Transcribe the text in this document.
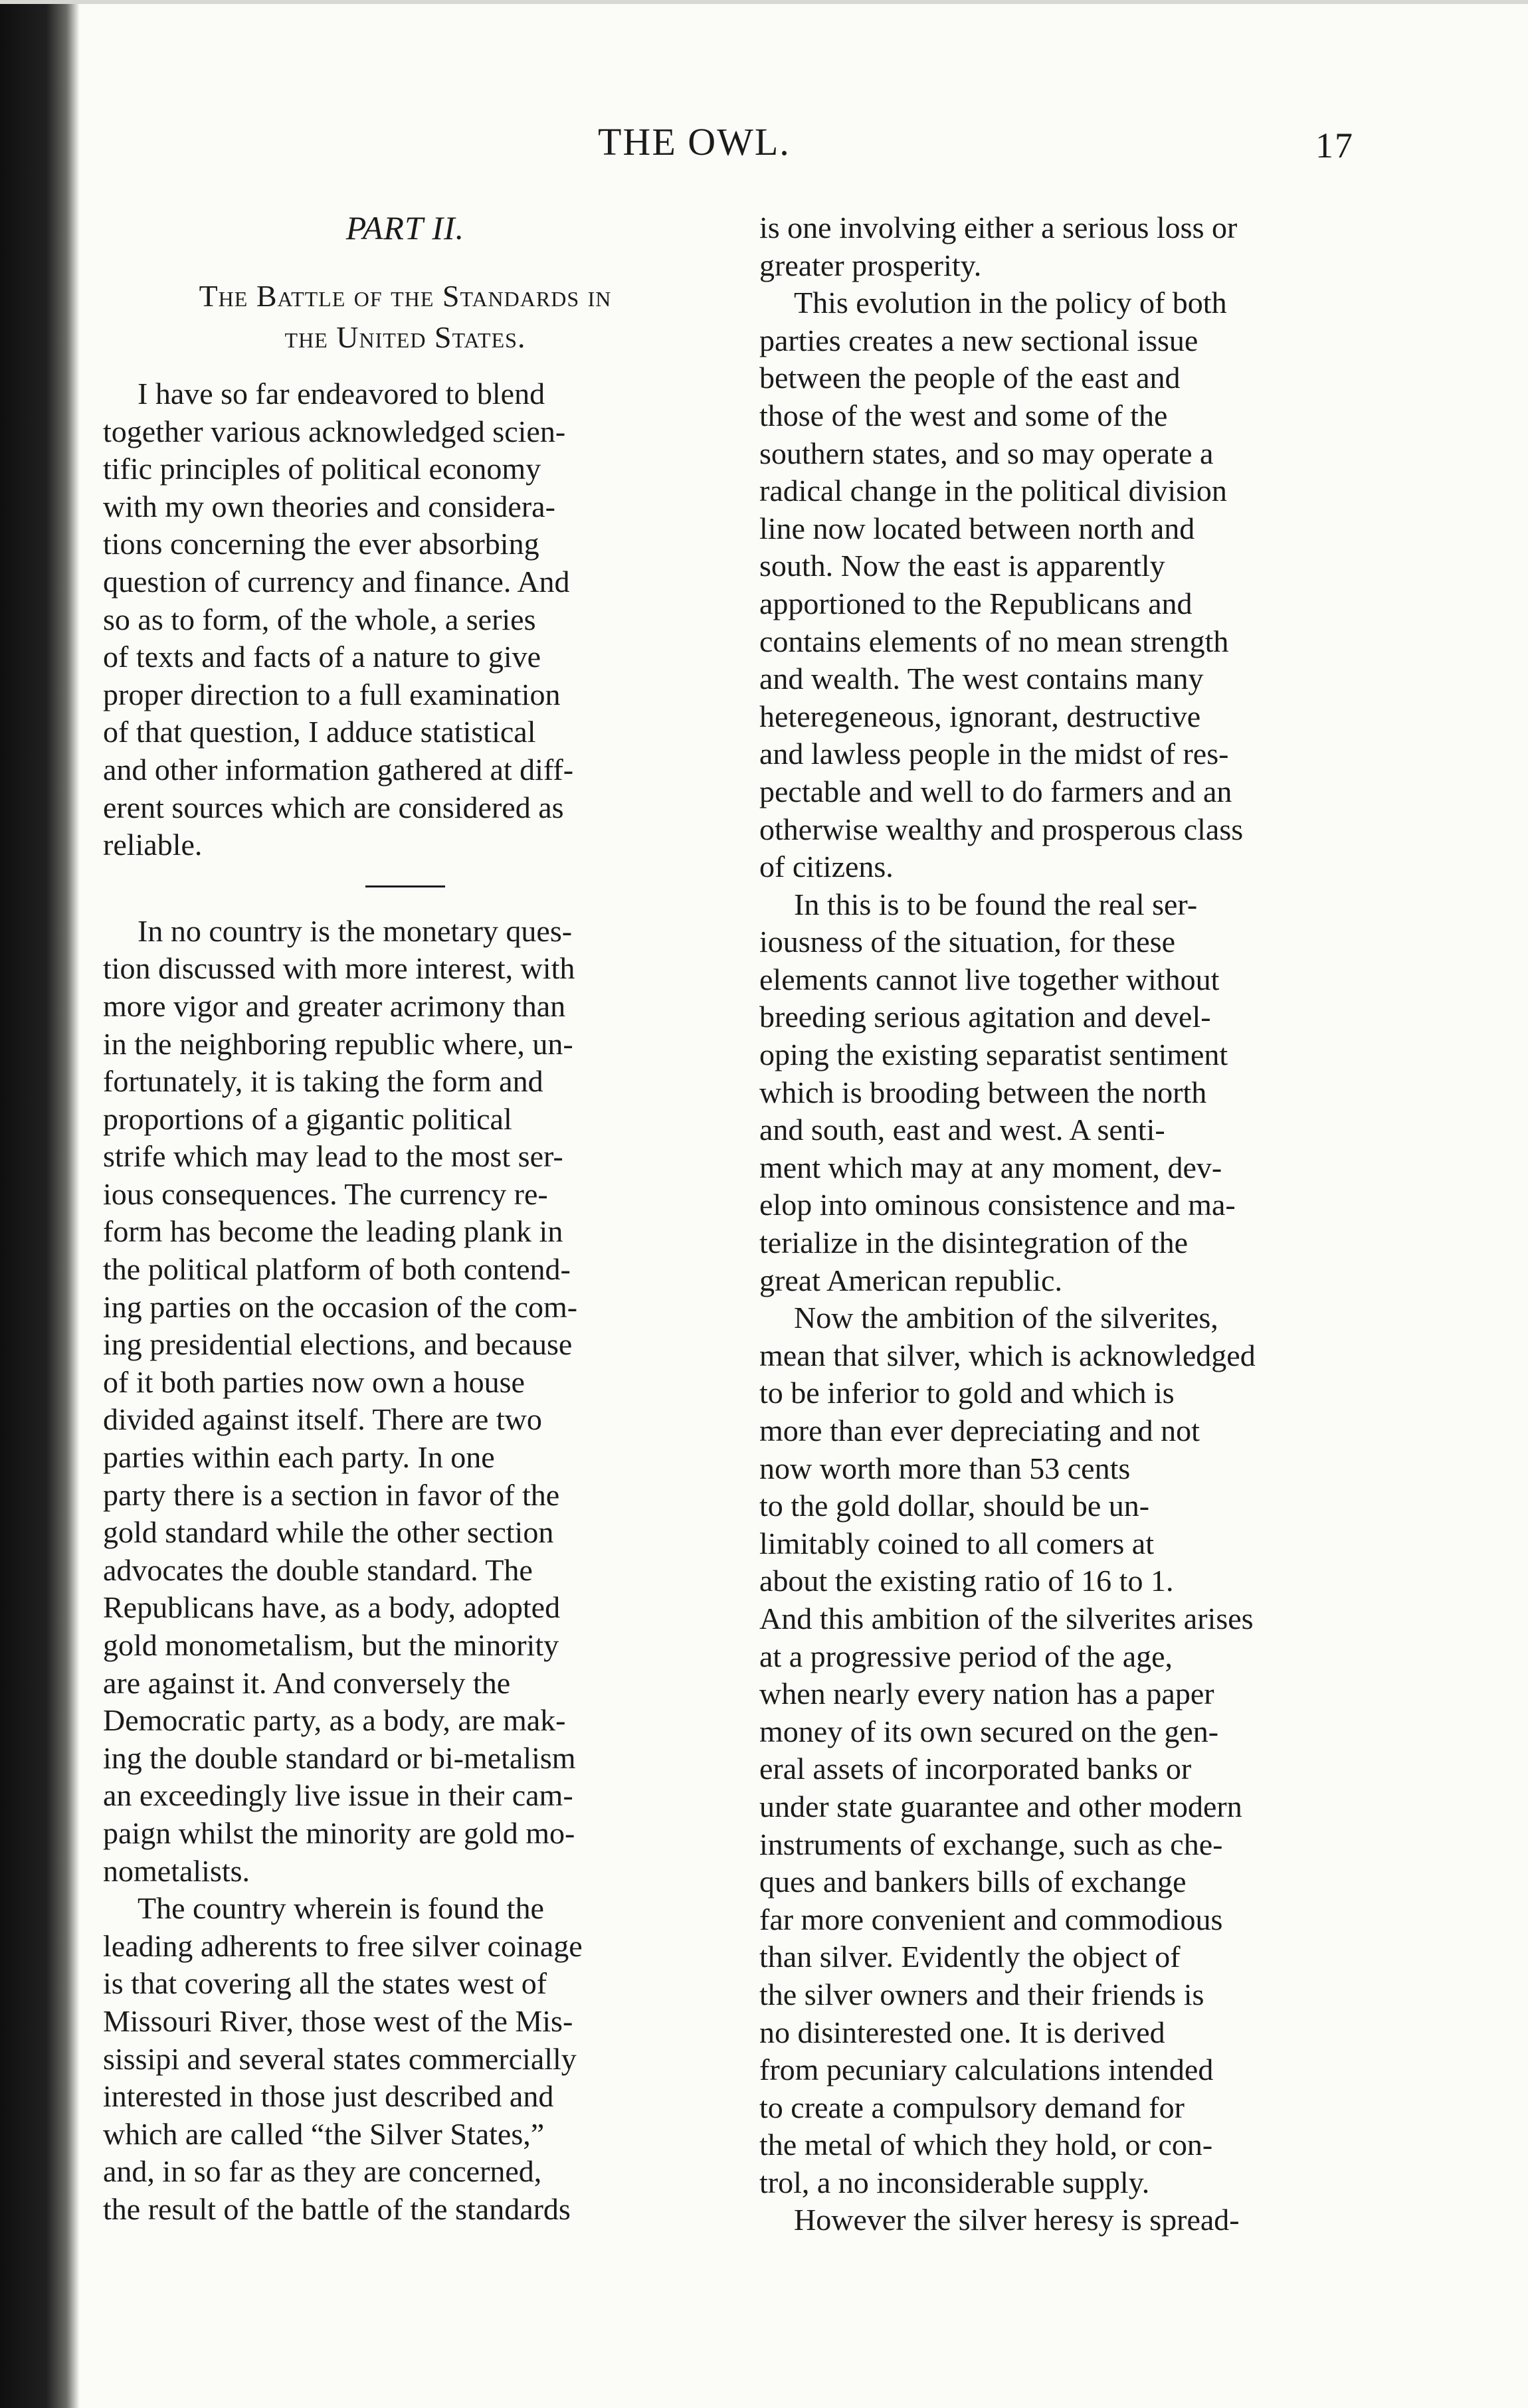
THE OWL.	17

PART II.

The Battle of the Standards in
the United States.
I have so far endeavored to blend
together various acknowledged scien-
tific principles of political economy
with my own theories and considera-
tions concerning the ever absorbing
question of currency and finance. And
so as to form, of the whole, a series
of texts and facts of a nature to give
proper direction to a full examination
of that question, I adduce statistical
and other information gathered at diff-
erent sources which are considered as
reliable.
In no country is the monetary ques-
tion discussed with more interest, with
more vigor and greater acrimony than
in the neighboring republic where, un-
fortunately, it is taking the form and
proportions of a gigantic political
strife which may lead to the most ser-
ious consequences. The currency re-
form has become the leading plank in
the political platform of both contend-
ing parties on the occasion of the com-
ing presidential elections, and because
of it both parties now own a house
divided against itself. There are two
parties within each party. In one
party there is a section in favor of the
gold standard while the other section
advocates the double standard. The
Republicans have, as a body, adopted
gold monometalism, but the minority
are against it. And conversely the
Democratic party, as a body, are mak-
ing the double standard or bi-metalism
an exceedingly live issue in their cam-
paign whilst the minority are gold mo-
nometalists.
The country wherein is found the
leading adherents to free silver coinage
is that covering all the states west of
Missouri River, those west of the Mis-
sissipi and several states commercially
interested in those just described and
which are called “the Silver States,”
and, in so far as they are concerned,
the result of the battle of the standards
is one involving either a serious loss or
greater prosperity.
This evolution in the policy of both
parties creates a new sectional issue
between the people of the east and
those of the west and some of the
southern states, and so may operate a
radical change in the political division
line now located between north and
south. Now the east is apparently
apportioned to the Republicans and
contains elements of no mean strength
and wealth. The west contains many
heteregeneous, ignorant, destructive
and lawless people in the midst of res-
pectable and well to do farmers and an
otherwise wealthy and prosperous class
of citizens.
In this is to be found the real ser-
iousness of the situation, for these
elements cannot live together without
breeding serious agitation and devel-
oping the existing separatist sentiment
which is brooding between the north
and south, east and west. A senti-
ment which may at any moment, dev-
elop into ominous consistence and ma-
terialize in the disintegration of the
great American republic.
Now the ambition of the silverites,
mean that silver, which is acknowledged
to be inferior to gold and which is
more than ever depreciating and not
now worth more than 53 cents
to the gold dollar, should be un-
limitably coined to all comers at
about the existing ratio of 16 to 1.
And this ambition of the silverites arises
at a progressive period of the age,
when nearly every nation has a paper
money of its own secured on the gen-
eral assets of incorporated banks or
under state guarantee and other modern
instruments of exchange, such as che-
ques and bankers bills of exchange
far more convenient and commodious
than silver. Evidently the object of
the silver owners and their friends is
no disinterested one. It is derived
from pecuniary calculations intended
to create a compulsory demand for
the metal of which they hold, or con-
trol, a no inconsiderable supply.
However the silver heresy is spread-
